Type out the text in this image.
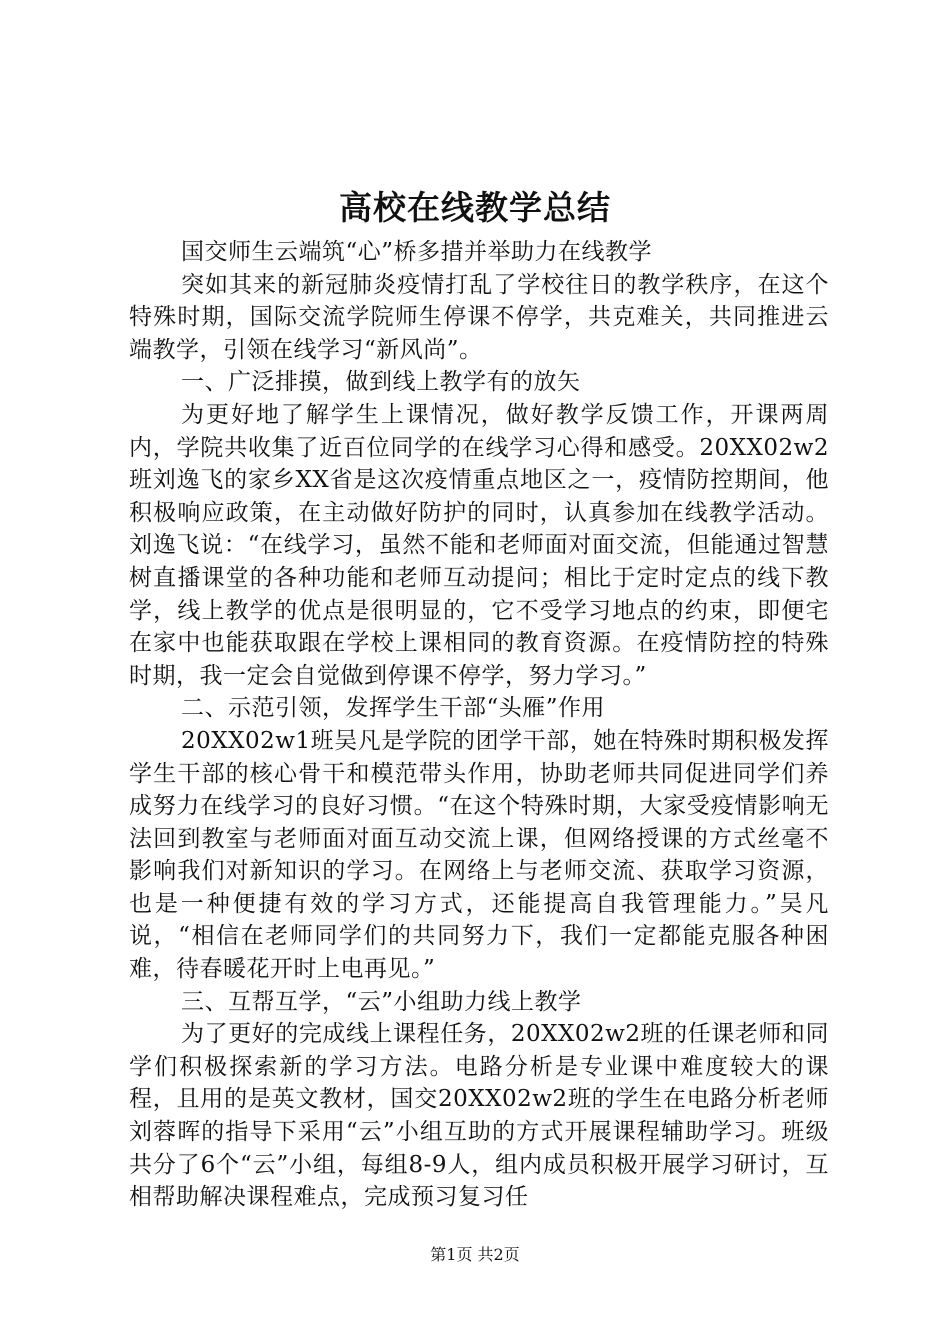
高校在线教学总结

国交师生云端筑“心”桥多措并举助力在线教学

突如其来的新冠肺炎疫情打乱了学校往日的教学秩序，在这个特殊时期，国际交流学院师生停课不停学，共克难关，共同推进云端教学，引领在线学习“新风尚”。

一、广泛排摸，做到线上教学有的放矢

为更好地了解学生上课情况，做好教学反馈工作，开课两周内，学院共收集了近百位同学的在线学习心得和感受。20XX02w2班刘逸飞的家乡XX省是这次疫情重点地区之一，疫情防控期间，他积极响应政策，在主动做好防护的同时，认真参加在线教学活动。刘逸飞说：“在线学习，虽然不能和老师面对面交流，但能通过智慧树直播课堂的各种功能和老师互动提问；相比于定时定点的线下教学，线上教学的优点是很明显的，它不受学习地点的约束，即便宅在家中也能获取跟在学校上课相同的教育资源。在疫情防控的特殊时期，我一定会自觉做到停课不停学，努力学习。”

二、示范引领，发挥学生干部“头雁”作用

20XX02w1班吴凡是学院的团学干部，她在特殊时期积极发挥学生干部的核心骨干和模范带头作用，协助老师共同促进同学们养成努力在线学习的良好习惯。“在这个特殊时期，大家受疫情影响无法回到教室与老师面对面互动交流上课，但网络授课的方式丝毫不影响我们对新知识的学习。在网络上与老师交流、获取学习资源，也是一种便捷有效的学习方式，还能提高自我管理能力。”吴凡说，“相信在老师同学们的共同努力下，我们一定都能克服各种困难，待春暖花开时上电再见。”

三、互帮互学，“云”小组助力线上教学

为了更好的完成线上课程任务，20XX02w2班的任课老师和同学们积极探索新的学习方法。电路分析是专业课中难度较大的课程，且用的是英文教材，国交20XX02w2班的学生在电路分析老师刘蓉晖的指导下采用“云”小组互助的方式开展课程辅助学习。班级共分了6个“云”小组，每组8-9人，组内成员积极开展学习研讨，互相帮助解决课程难点，完成预习复习任

第1页 共2页
